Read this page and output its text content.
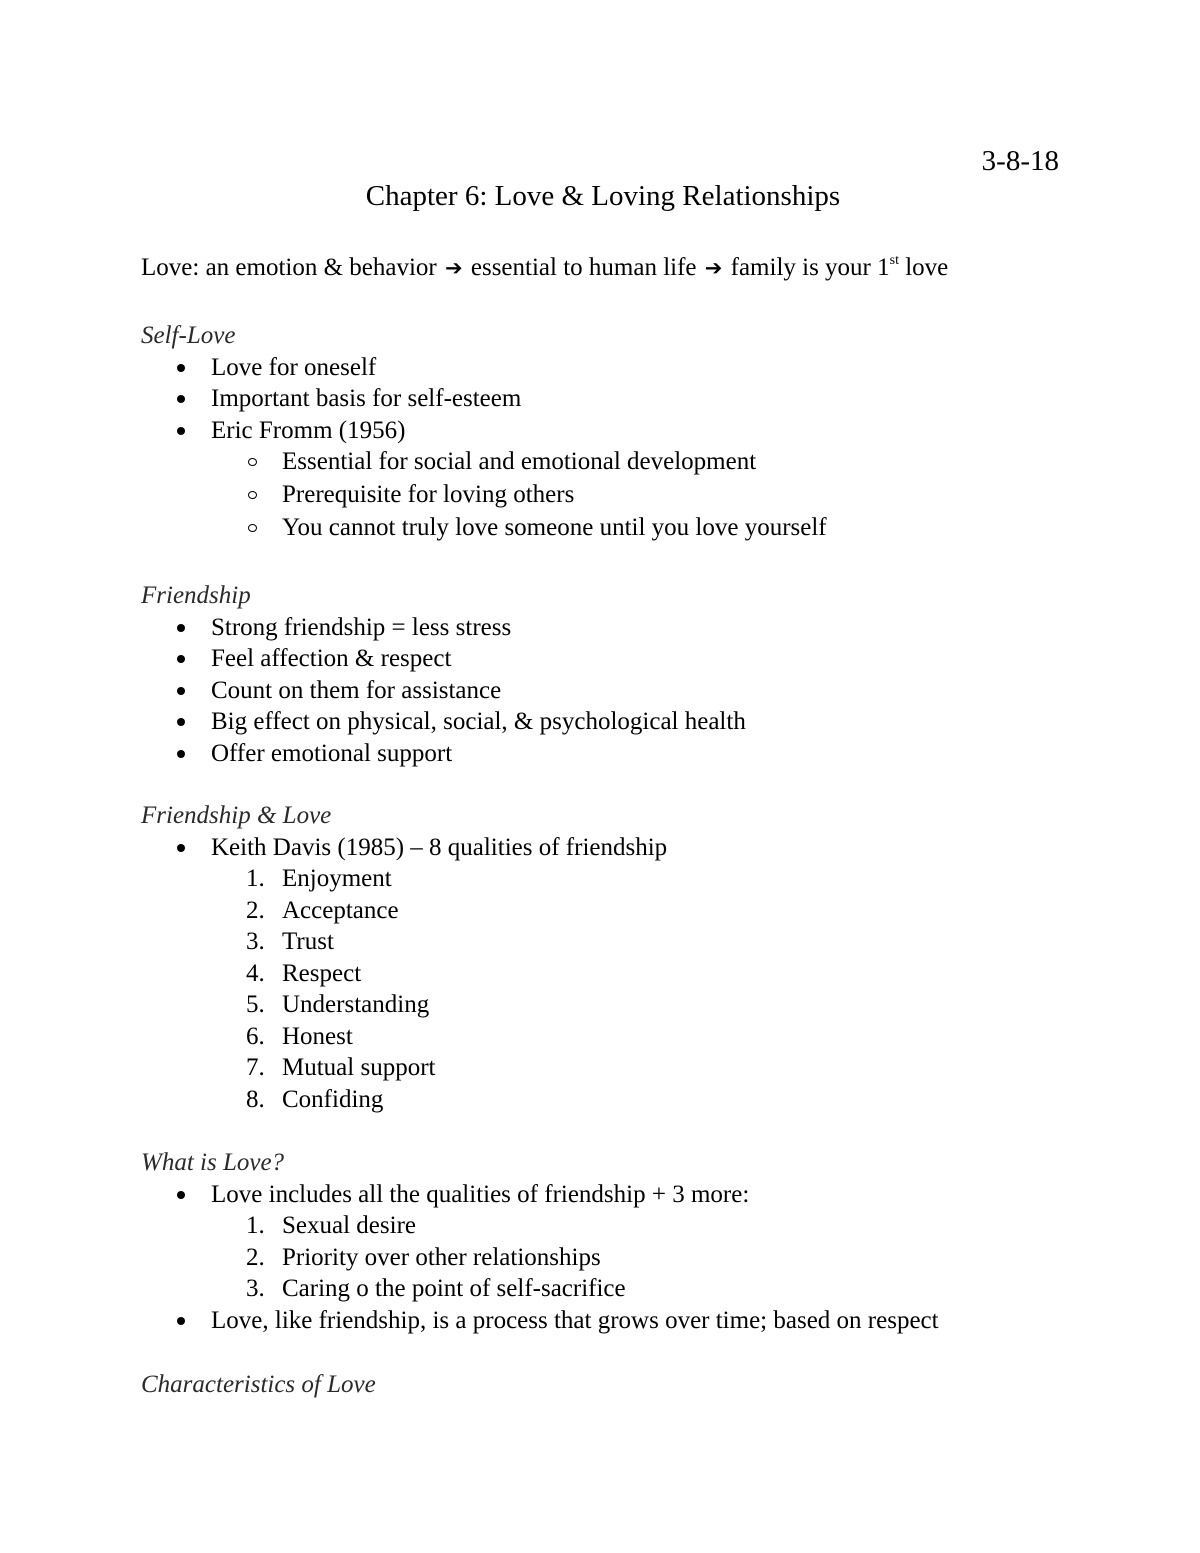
3-8-18
Chapter 6: Love & Loving Relationships
Love: an emotion & behavior ➔ essential to human life ➔ family is your 1st love
Self-Love
Love for oneself
Important basis for self-esteem
Eric Fromm (1956)
Essential for social and emotional development
Prerequisite for loving others
You cannot truly love someone until you love yourself
Friendship
Strong friendship = less stress
Feel affection & respect
Count on them for assistance
Big effect on physical, social, & psychological health
Offer emotional support
Friendship & Love
Keith Davis (1985) – 8 qualities of friendship
1. Enjoyment
2. Acceptance
3. Trust
4. Respect
5. Understanding
6. Honest
7. Mutual support
8. Confiding
What is Love?
Love includes all the qualities of friendship + 3 more:
1. Sexual desire
2. Priority over other relationships
3. Caring o the point of self-sacrifice
Love, like friendship, is a process that grows over time; based on respect
Characteristics of Love
